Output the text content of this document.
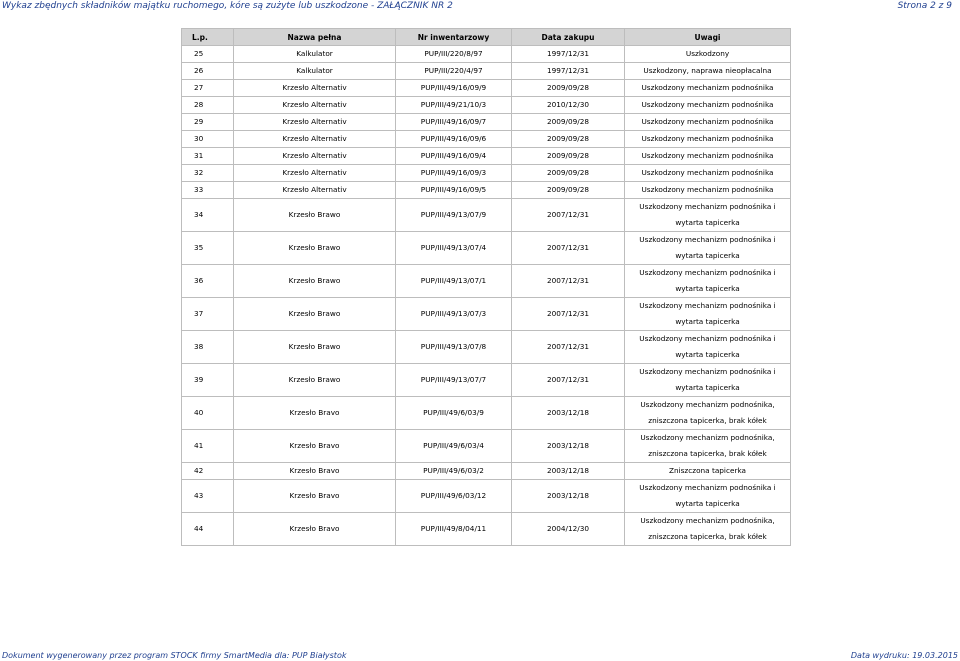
Wykaz zbędnych składników majątku ruchomego, kóre są zużyte lub uszkodzone - ZAŁĄCZNIK NR 2	Strona 2 z 9
L.p.	Nazwa pełna	Nr inwentarzowy	Data zakupu	Uwagi
25	Kalkulator	PUP/III/220/8/97	1997/12/31	Uszkodzony
26	Kalkulator	PUP/III/220/4/97	1997/12/31	Uszkodzony, naprawa nieopłacalna
27	Krzesło Alternativ	PUP/III/49/16/09/9	2009/09/28	Uszkodzony mechanizm podnośnika
28	Krzesło Alternativ	PUP/III/49/21/10/3	2010/12/30	Uszkodzony mechanizm podnośnika
29	Krzesło Alternativ	PUP/III/49/16/09/7	2009/09/28	Uszkodzony mechanizm podnośnika
30	Krzesło Alternativ	PUP/III/49/16/09/6	2009/09/28	Uszkodzony mechanizm podnośnika
31	Krzesło Alternativ	PUP/III/49/16/09/4	2009/09/28	Uszkodzony mechanizm podnośnika
32	Krzesło Alternativ	PUP/III/49/16/09/3	2009/09/28	Uszkodzony mechanizm podnośnika
33	Krzesło Alternativ	PUP/III/49/16/09/5	2009/09/28	Uszkodzony mechanizm podnośnika
34	Krzesło Brawo	PUP/III/49/13/07/9	2007/12/31	Uszkodzony mechanizm podnośnika i
wytarta tapicerka

35	Krzesło Brawo	PUP/III/49/13/07/4	2007/12/31	Uszkodzony mechanizm podnośnika i
wytarta tapicerka

36	Krzesło Brawo	PUP/III/49/13/07/1	2007/12/31	Uszkodzony mechanizm podnośnika i
wytarta tapicerka

37	Krzesło Brawo	PUP/III/49/13/07/3	2007/12/31	Uszkodzony mechanizm podnośnika i
wytarta tapicerka

38	Krzesło Brawo	PUP/III/49/13/07/8	2007/12/31	Uszkodzony mechanizm podnośnika i
wytarta tapicerka

39	Krzesło Brawo	PUP/III/49/13/07/7	2007/12/31	Uszkodzony mechanizm podnośnika i
wytarta tapicerka

40	Krzesło Bravo	PUP/III/49/6/03/9	2003/12/18	Uszkodzony mechanizm podnośnika,
zniszczona tapicerka, brak kółek

41	Krzesło Bravo	PUP/III/49/6/03/4	2003/12/18	Uszkodzony mechanizm podnośnika,
zniszczona tapicerka, brak kółek

42	Krzesło Bravo	PUP/III/49/6/03/2	2003/12/18	Zniszczona tapicerka
43	Krzesło Bravo	PUP/III/49/6/03/12	2003/12/18	Uszkodzony mechanizm podnośnika i
wytarta tapicerka

44	Krzesło Bravo	PUP/III/49/8/04/11	2004/12/30	Uszkodzony mechanizm podnośnika,
zniszczona tapicerka, brak kółek
Dokument wygenerowany przez program STOCK firmy SmartMedia dla: PUP Białystok	Data wydruku: 19.03.2015
